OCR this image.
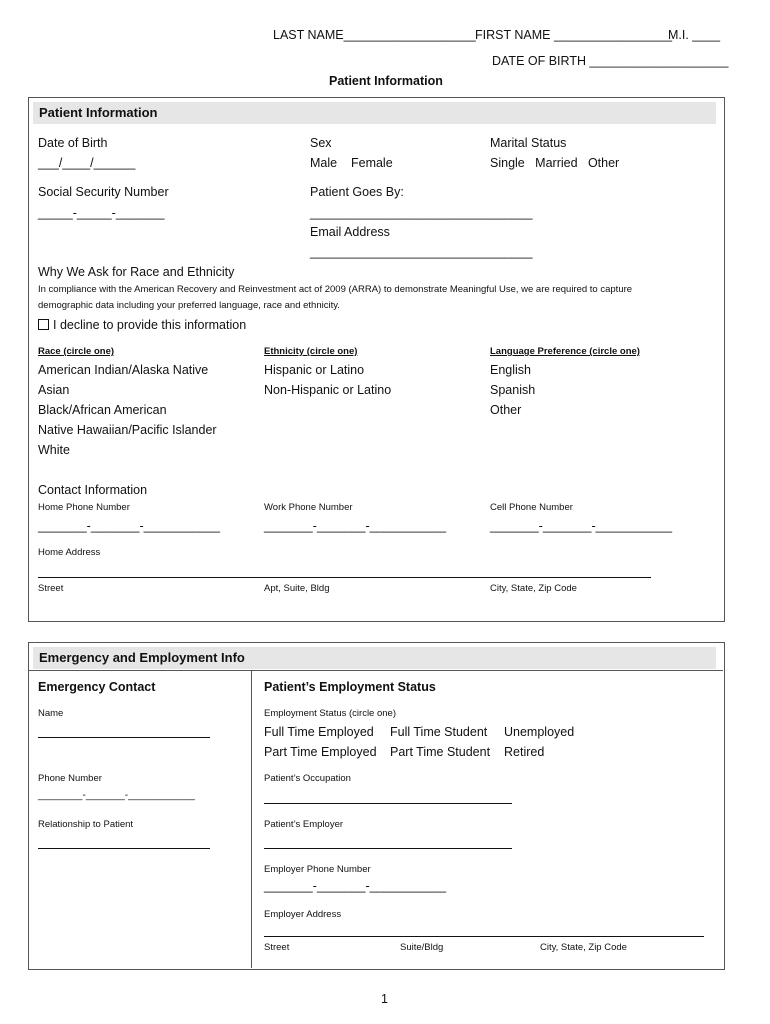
LAST NAME___________________ FIRST NAME _________________
M.I. ____
DATE OF BIRTH ____________________
Patient Information
Patient Information
Date of Birth
___/____/______
Sex
Male    Female
Marital Status
Single   Married   Other
Social Security Number
_____-_____-_______
Patient Goes By:
________________________________
Email Address
________________________________
Why We Ask for Race and Ethnicity
In compliance with the American Recovery and Reinvestment act of 2009 (ARRA) to demonstrate Meaningful Use, we are required to capture
demographic data including your preferred language, race and ethnicity.
I decline to provide this information
Race (circle one)
American Indian/Alaska Native
Asian
Black/African American
Native Hawaiian/Pacific Islander
White
Ethnicity (circle one)
Hispanic or Latino
Non-Hispanic or Latino
Language Preference (circle one)
English
Spanish
Other
Contact Information
Home Phone Number	Work Phone Number	Cell Phone Number
_______-_______-___________	_______-_______-___________	_______-_______-___________
Home Address
Street	Apt, Suite, Bldg	City, State, Zip Code
Emergency and Employment Info
Emergency Contact
Name
Phone Number
________-_______-____________
Relationship to Patient
Patient’s Employment Status
Employment Status (circle one)
Full Time Employed Full Time Student Unemployed
Part Time Employed Part Time Student Retired
Patient’s Occupation
Patient’s Employer
Employer Phone Number
_______-_______-___________
Employer Address
Street	Suite/Bldg	City, State, Zip Code
1
